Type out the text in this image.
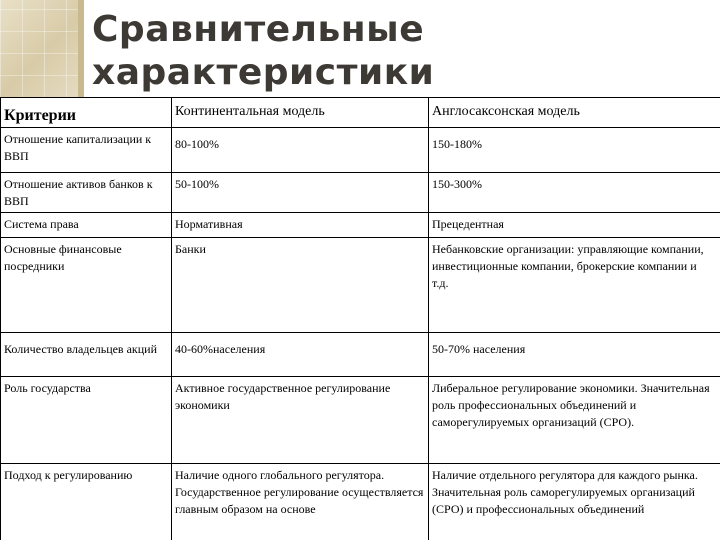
Сравнительные характеристики
Критерии	Континентальная модель	Англосаксонская модель
Отношение капитализации к ВВП	80-100%	150-180%
Отношение активов банков к ВВП	50-100%	150-300%
Система права	Нормативная	Прецедентная
Основные финансовые посредники	Банки	Небанковские организации: управляющие компании, инвестиционные компании, брокерские компании и т.д.
Количество владельцев акций	40-60%населения	50-70% населения
Роль государства	Активное государственное регулирование экономики	Либеральное регулирование экономики. Значительная роль профессиональных объединений и саморегулируемых организаций (СРО).
Подход к регулированию	Наличие одного глобального регулятора. Государственное регулирование осуществляется главным образом на основе	Наличие отдельного регулятора для каждого рынка. Значительная роль саморегулируемых организаций (СРО) и профессиональных объединений
